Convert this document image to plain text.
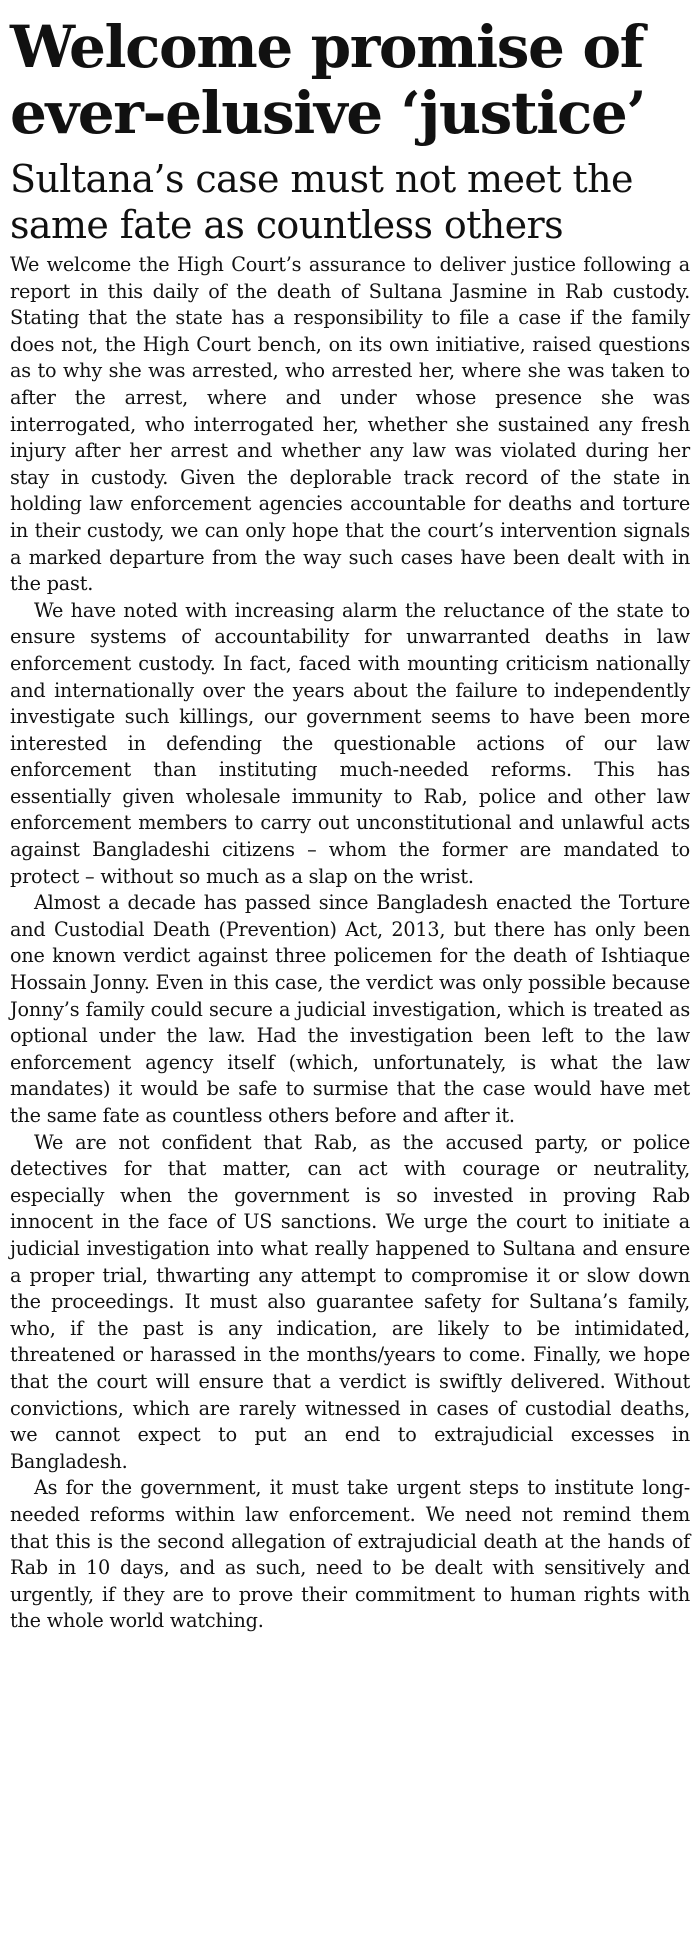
Welcome promise of
ever-elusive ‘justice’
Sultana’s case must not meet the
same fate as countless others

We welcome the High Court’s assurance to deliver justice following a report in this daily of the death of Sultana Jasmine in Rab custody. Stating that the state has a responsibility to file a case if the family does not, the High Court bench, on its own initiative, raised questions as to why she was arrested, who arrested her, where she was taken to after the arrest, where and under whose presence she was interrogated, who interrogated her, whether she sustained any fresh injury after her arrest and whether any law was violated during her stay in custody. Given the deplorable track record of the state in holding law enforcement agencies accountable for deaths and torture in their custody, we can only hope that the court’s intervention signals a marked departure from the way such cases have been dealt with in the past.

We have noted with increasing alarm the reluctance of the state to ensure systems of accountability for unwarranted deaths in law enforcement custody. In fact, faced with mounting criticism nationally and internationally over the years about the failure to independently investigate such killings, our government seems to have been more interested in defending the questionable actions of our law enforcement than instituting much-needed reforms. This has essentially given wholesale immunity to Rab, police and other law enforcement members to carry out unconstitutional and unlawful acts against Bangladeshi citizens – whom the former are mandated to protect – without so much as a slap on the wrist.

Almost a decade has passed since Bangladesh enacted the Torture and Custodial Death (Prevention) Act, 2013, but there has only been one known verdict against three policemen for the death of Ishtiaque Hossain Jonny. Even in this case, the verdict was only possible because Jonny’s family could secure a judicial investigation, which is treated as optional under the law. Had the investigation been left to the law enforcement agency itself (which, unfortunately, is what the law mandates) it would be safe to surmise that the case would have met the same fate as countless others before and after it.

We are not confident that Rab, as the accused party, or police detectives for that matter, can act with courage or neutrality, especially when the government is so invested in proving Rab innocent in the face of US sanctions. We urge the court to initiate a judicial investigation into what really happened to Sultana and ensure a proper trial, thwarting any attempt to compromise it or slow down the proceedings. It must also guarantee safety for Sultana’s family, who, if the past is any indication, are likely to be intimidated, threatened or harassed in the months/years to come. Finally, we hope that the court will ensure that a verdict is swiftly delivered. Without convictions, which are rarely witnessed in cases of custodial deaths, we cannot expect to put an end to extrajudicial excesses in Bangladesh.

As for the government, it must take urgent steps to institute long-needed reforms within law enforcement. We need not remind them that this is the second allegation of extrajudicial death at the hands of Rab in 10 days, and as such, need to be dealt with sensitively and urgently, if they are to prove their commitment to human rights with the whole world watching.
